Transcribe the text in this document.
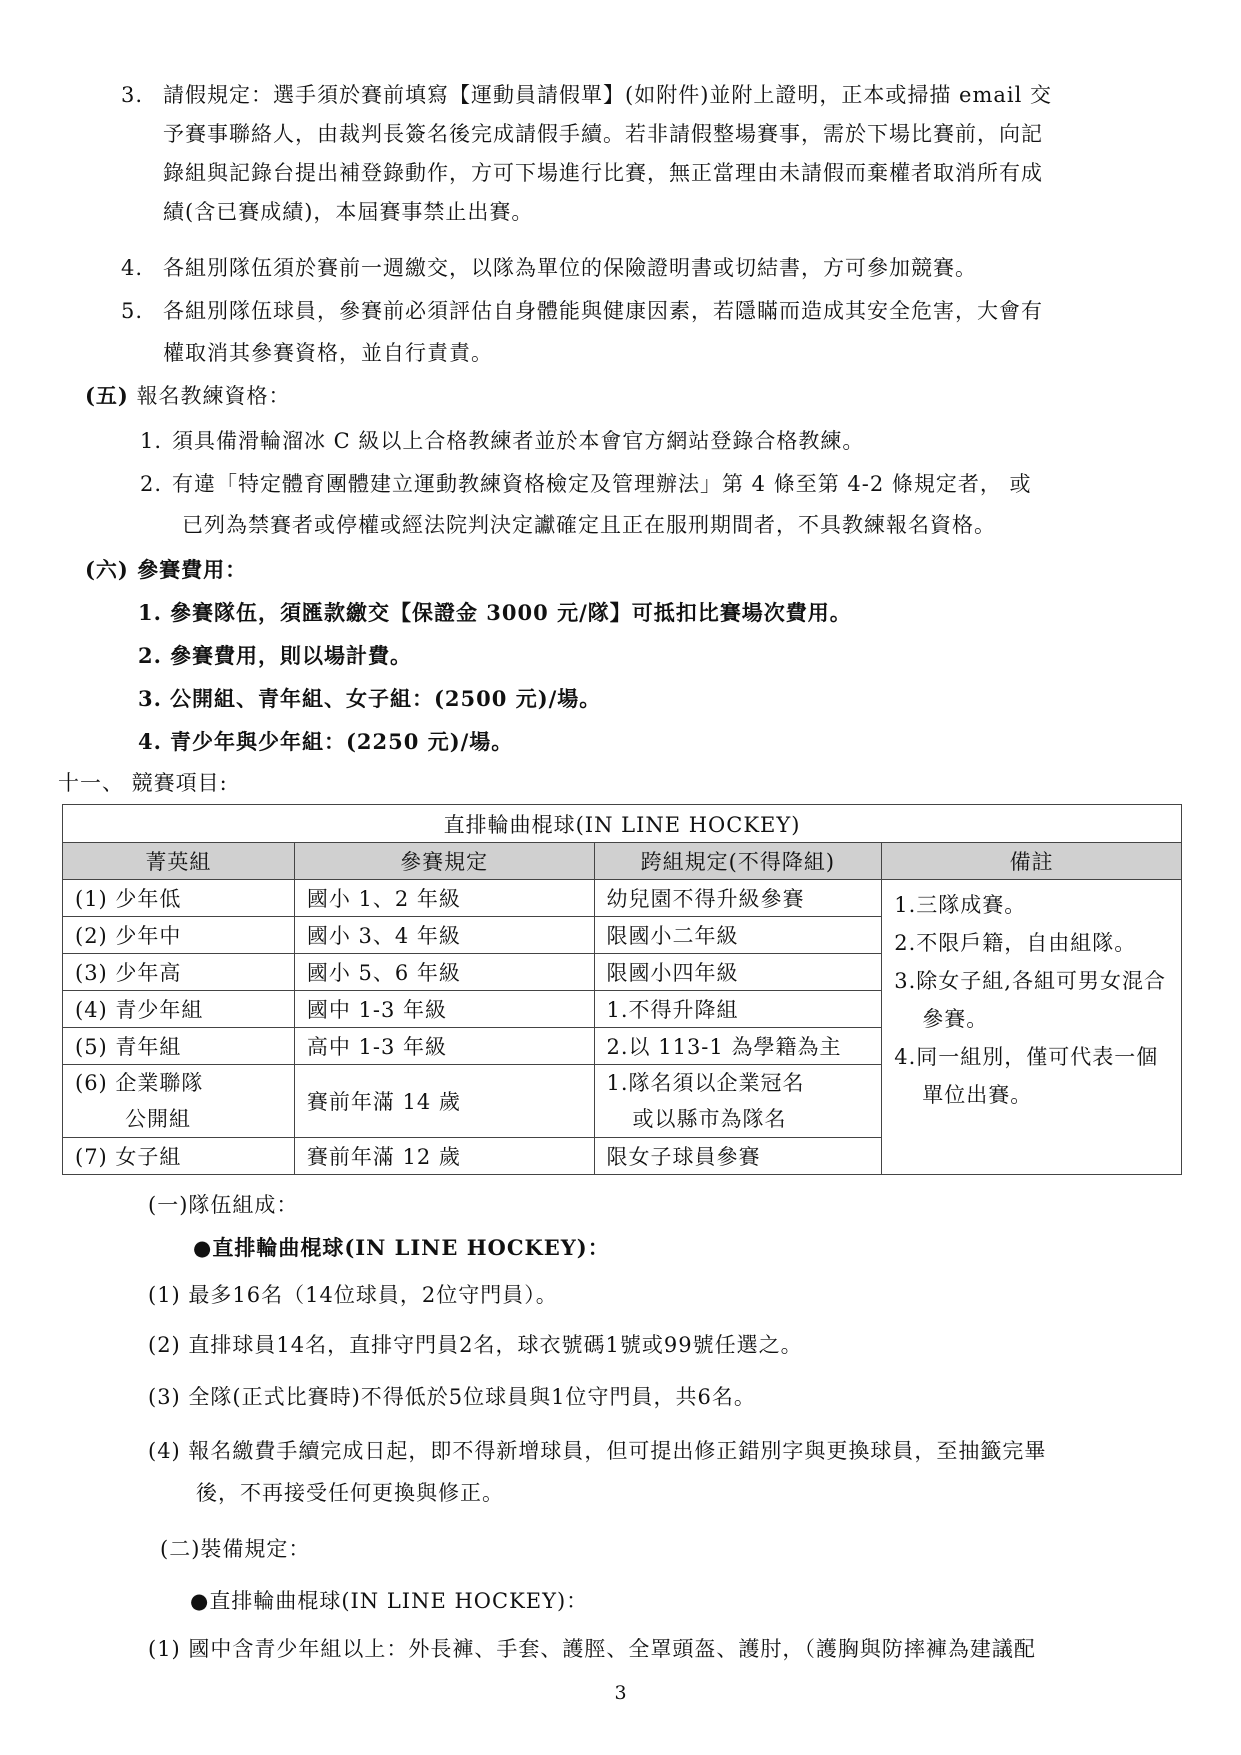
3. 請假規定：選手須於賽前填寫【運動員請假單】(如附件)並附上證明，正本或掃描 email 交
予賽事聯絡人，由裁判長簽名後完成請假手續。若非請假整場賽事，需於下場比賽前，向記
錄組與記錄台提出補登錄動作，方可下場進行比賽，無正當理由未請假而棄權者取消所有成
績(含已賽成績)，本屆賽事禁止出賽。
4. 各組別隊伍須於賽前一週繳交，以隊為單位的保險證明書或切結書，方可參加競賽。
5. 各組別隊伍球員，參賽前必須評估自身體能與健康因素，若隱瞞而造成其安全危害，大會有
權取消其參賽資格，並自行責責。
(五) 報名教練資格：
1. 須具備滑輪溜冰 C 級以上合格教練者並於本會官方網站登錄合格教練。
2. 有違「特定體育團體建立運動教練資格檢定及管理辦法」第 4 條至第 4-2 條規定者， 或
已列為禁賽者或停權或經法院判決定讞確定且正在服刑期間者，不具教練報名資格。
(六) 參賽費用：
1. 參賽隊伍，須匯款繳交【保證金 3000 元/隊】可抵扣比賽場次費用。
2. 參賽費用，則以場計費。
3. 公開組、青年組、女子組：(2500 元)/場。
4. 青少年與少年組：(2250 元)/場。
十一、 競賽項目:
直排輪曲棍球(IN LINE HOCKEY)			
菁英組	參賽規定	跨組規定(不得降組)	備註
(1) 少年低	國小 1、2 年級	幼兒園不得升級參賽	1.三隊成賽。
2.不限戶籍，自由組隊。
3.除女子組,各組可男女混合參賽。
4.同一組別，僅可代表一個單位出賽。

(2) 少年中	國小 3、4 年級	限國小二年級	
(3) 少年高	國小 5、6 年級	限國小四年級	
(4) 青少年組	國中 1-3 年級	1.不得升降組	
(5) 青年組	高中 1-3 年級	2.以 113-1 為學籍為主	
(6) 企業聯隊
公開組	賽前年滿 14 歲	1.隊名須以企業冠名
或以縣市為隊名	
(7) 女子組	賽前年滿 12 歲	限女子球員參賽	
(一)隊伍組成：
●直排輪曲棍球(IN LINE HOCKEY)：
(1) 最多16名（14位球員，2位守門員）。
(2) 直排球員14名，直排守門員2名，球衣號碼1號或99號任選之。
(3) 全隊(正式比賽時)不得低於5位球員與1位守門員，共6名。
(4) 報名繳費手續完成日起，即不得新增球員，但可提出修正錯別字與更換球員，至抽籤完畢
後，不再接受任何更換與修正。
(二)裝備規定：
●直排輪曲棍球(IN LINE HOCKEY)：
(1) 國中含青少年組以上：外長褲、手套、護脛、全罩頭盔、護肘，（護胸與防摔褲為建議配
3
